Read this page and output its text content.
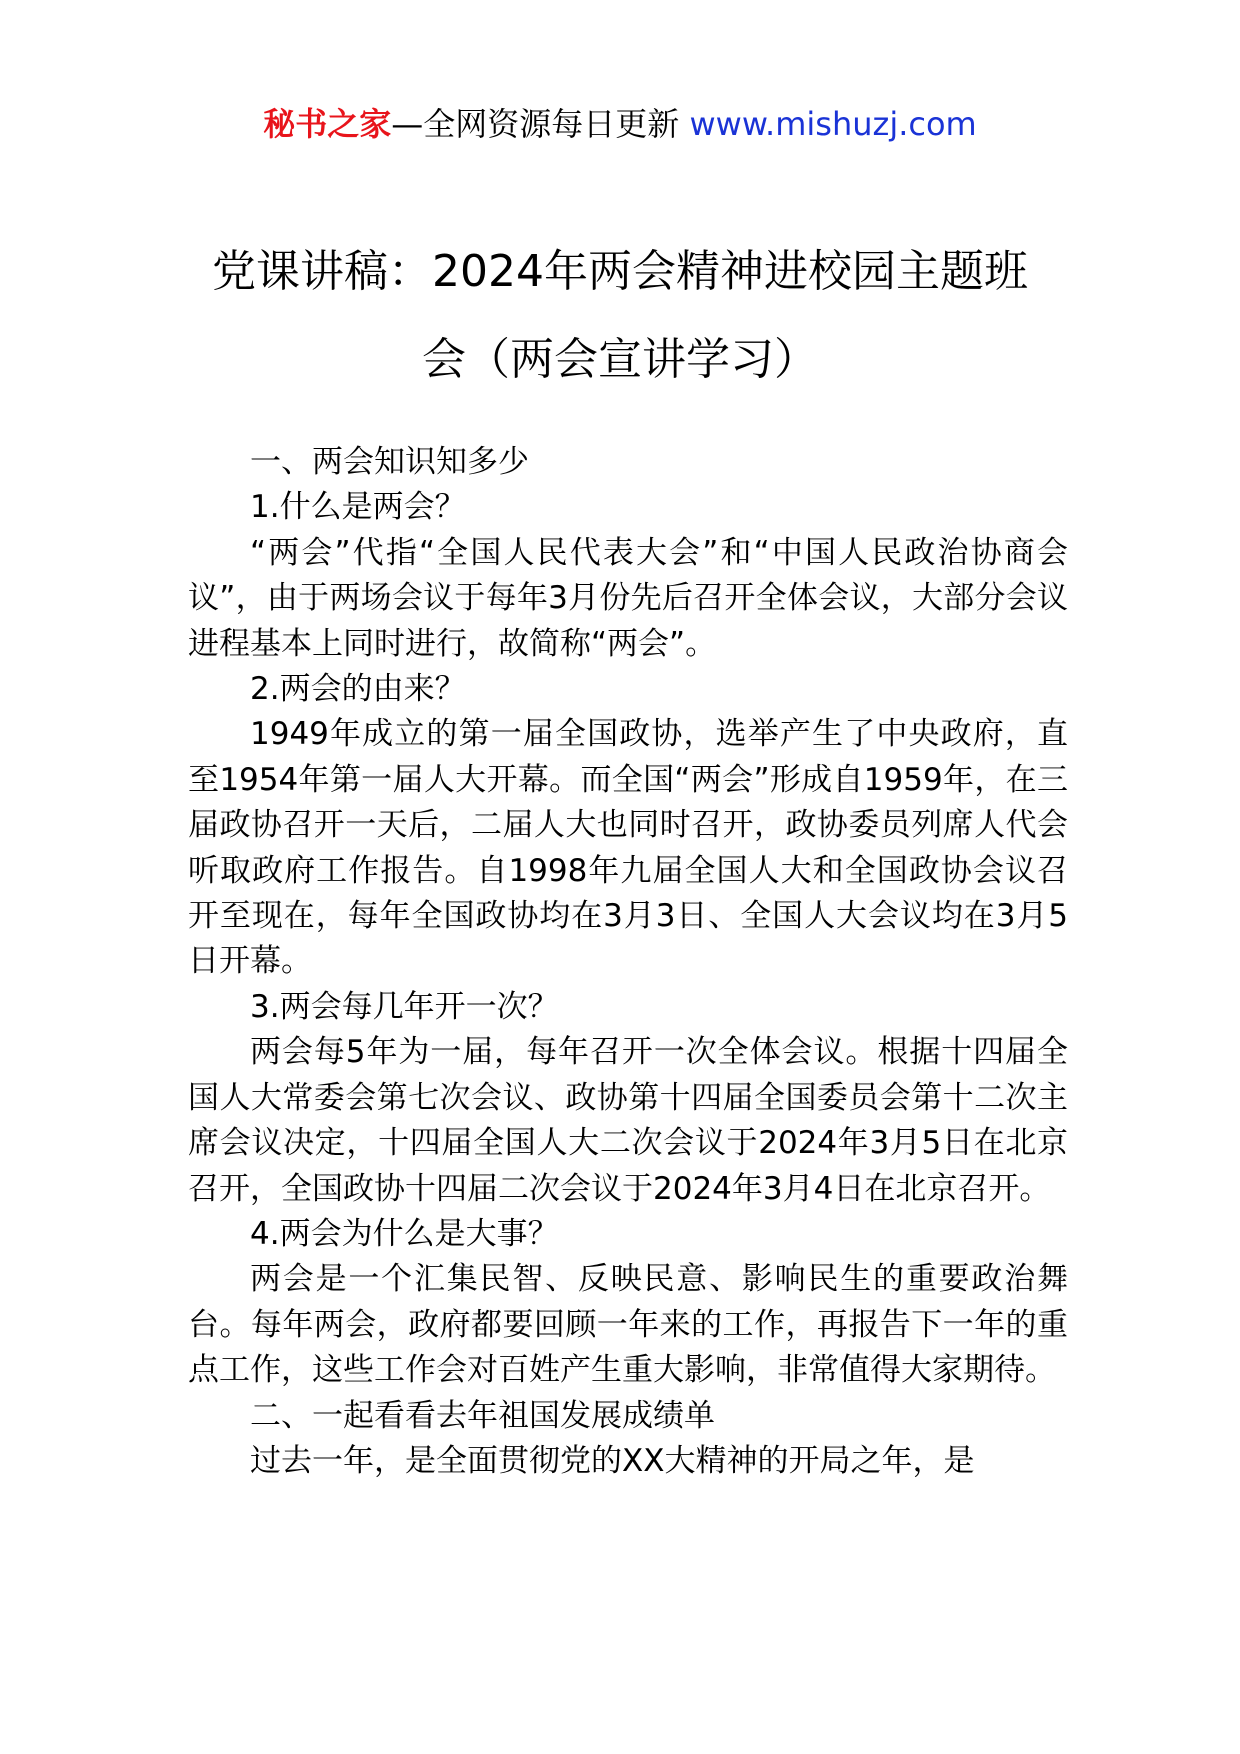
秘书之家—全网资源每日更新 www.mishuzj.com
党课讲稿：2024年两会精神进校园主题班
会（两会宣讲学习）

一、两会知识知多少

1.什么是两会？

“两会”代指“全国人民代表大会”和“中国人民政治协商会议”，由于两场会议于每年3月份先后召开全体会议，大部分会议进程基本上同时进行，故简称“两会”。

2.两会的由来？

1949年成立的第一届全国政协，选举产生了中央政府，直至1954年第一届人大开幕。而全国“两会”形成自1959年，在三届政协召开一天后，二届人大也同时召开，政协委员列席人代会听取政府工作报告。自1998年九届全国人大和全国政协会议召开至现在，每年全国政协均在3月3日、全国人大会议均在3月5日开幕。

3.两会每几年开一次？

两会每5年为一届，每年召开一次全体会议。根据十四届全国人大常委会第七次会议、政协第十四届全国委员会第十二次主席会议决定，十四届全国人大二次会议于2024年3月5日在北京召开，全国政协十四届二次会议于2024年3月4日在北京召开。

4.两会为什么是大事？

两会是一个汇集民智、反映民意、影响民生的重要政治舞台。每年两会，政府都要回顾一年来的工作，再报告下一年的重点工作，这些工作会对百姓产生重大影响，非常值得大家期待。

二、一起看看去年祖国发展成绩单

过去一年，是全面贯彻党的XX大精神的开局之年，是
